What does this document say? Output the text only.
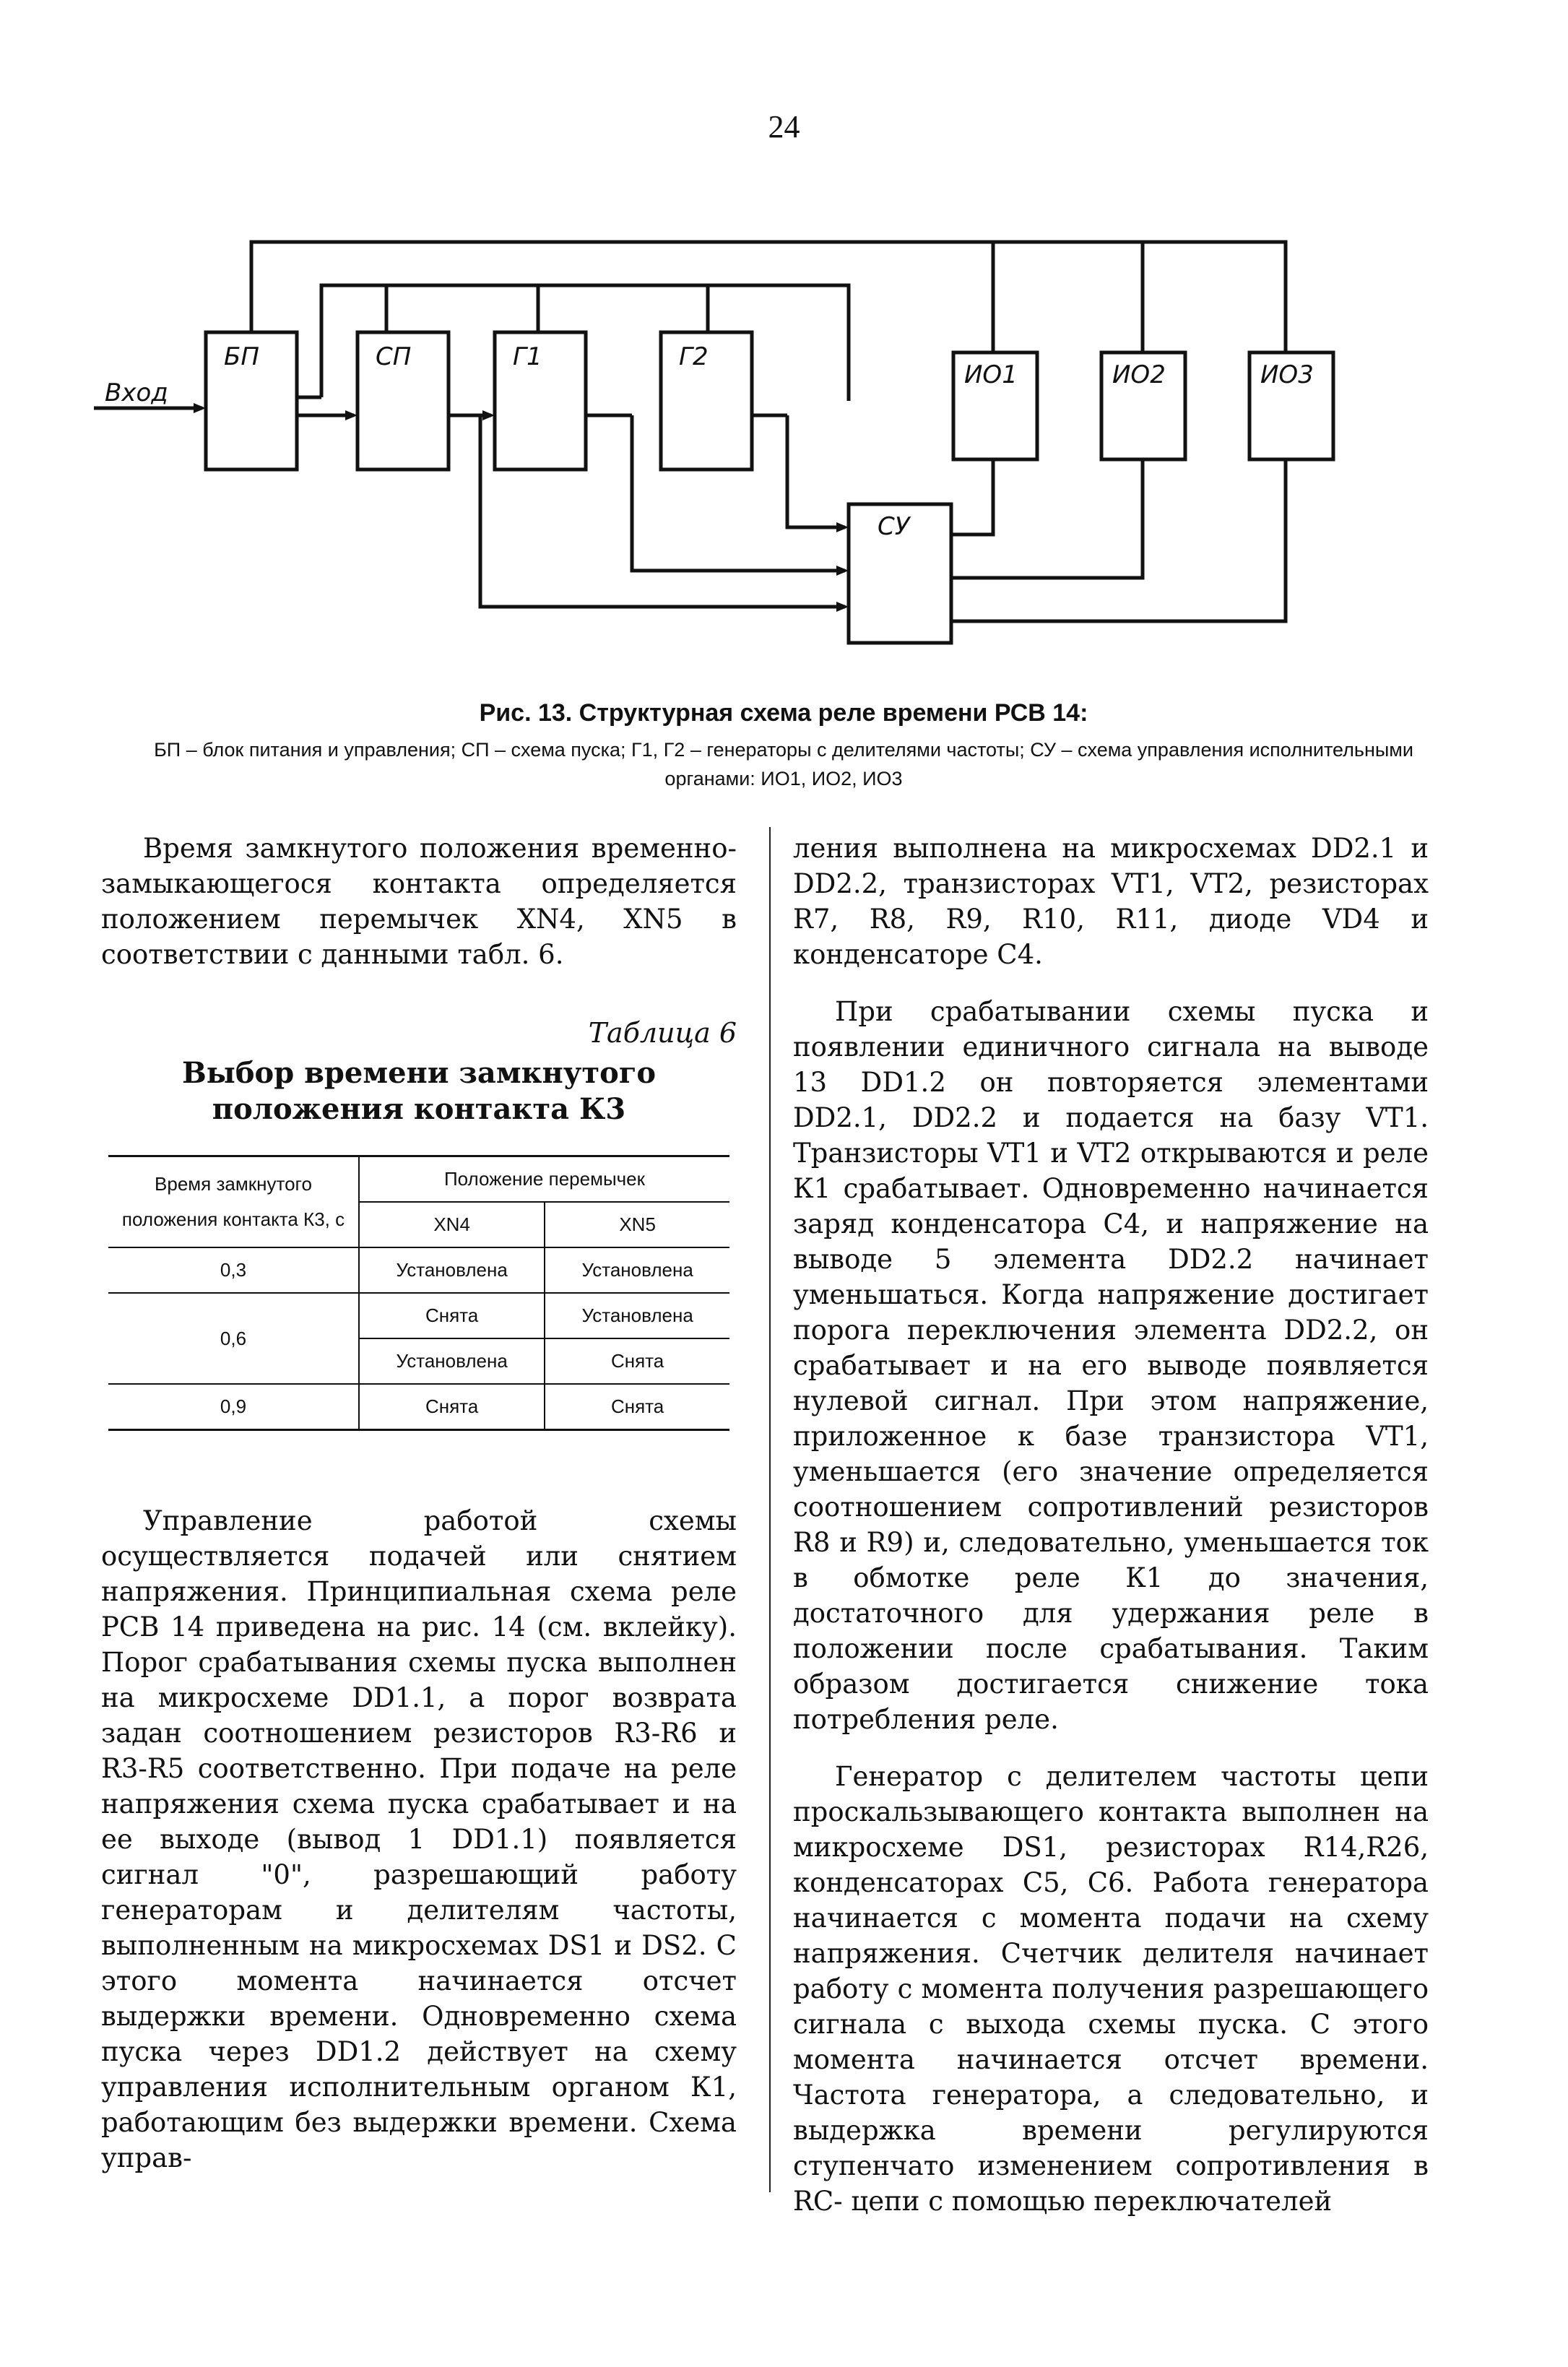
24
Вход
БП	СП	Г1	Г2
ИО1	ИО2	ИО3
СУ
Рис. 13. Структурная схема реле времени РСВ 14:
БП – блок питания и управления; СП – схема пуска; Г1, Г2 – генераторы с делителями частоты; СУ – схема управления исполнительными
органами: ИО1, ИО2, ИО3

Время замкнутого положения временно-замыкающегося контакта определяется положением перемычек XN4, XN5 в соответствии с данными табл. 6.

Таблица 6
Выбор времени замкнутого положения контакта К3
Время замкнутого положения контакта К3, с	Положение перемычек	
	XN4	XN5
0,3	Установлена	Установлена
0,6	Снята	Установлена
	Установлена	Снята
0,9	Снята	Снята

Управление работой схемы осуществляется подачей или снятием напряжения. Принципиальная схема реле РСВ 14 приведена на рис. 14 (см. вклейку). Порог срабатывания схемы пуска выполнен на микросхеме DD1.1, а порог возврата задан соотношением резисторов R3-R6 и R3-R5 соответственно. При подаче на реле напряжения схема пуска срабатывает и на ее выходе (вывод 1 DD1.1) появляется сигнал "0", разрешающий работу генераторам и делителям частоты, выполненным на микросхемах DS1 и DS2. С этого момента начинается отсчет выдержки времени. Одновременно схема пуска через DD1.2 действует на схему управления исполнительным органом К1, работающим без выдержки времени. Схема управ-

ления выполнена на микросхемах DD2.1 и DD2.2, транзисторах VT1, VT2, резисторах R7, R8, R9, R10, R11, диоде VD4 и конденсаторе С4.

При срабатывании схемы пуска и появлении единичного сигнала на выводе 13 DD1.2 он повторяется элементами DD2.1, DD2.2 и подается на базу VT1. Транзисторы VT1 и VT2 открываются и реле К1 срабатывает. Одновременно начинается заряд конденсатора С4, и напряжение на выводе 5 элемента DD2.2 начинает уменьшаться. Когда напряжение достигает порога переключения элемента DD2.2, он срабатывает и на его выводе появляется нулевой сигнал. При этом напряжение, приложенное к базе транзистора VT1, уменьшается (его значение определяется соотношением сопротивлений резисторов R8 и R9) и, следовательно, уменьшается ток в обмотке реле К1 до значения, достаточного для удержания реле в положении после срабатывания. Таким образом достигается снижение тока потребления реле.

Генератор с делителем частоты цепи проскальзывающего контакта выполнен на микросхеме DS1, резисторах R14,R26, конденсаторах С5, С6. Работа генератора начинается с момента подачи на схему напряжения. Счетчик делителя начинает работу с момента получения разрешающего сигнала с выхода схемы пуска. С этого момента начинается отсчет времени. Частота генератора, а следовательно, и выдержка времени регулируются ступенчато изменением сопротивления в RC- цепи с помощью переключателей
